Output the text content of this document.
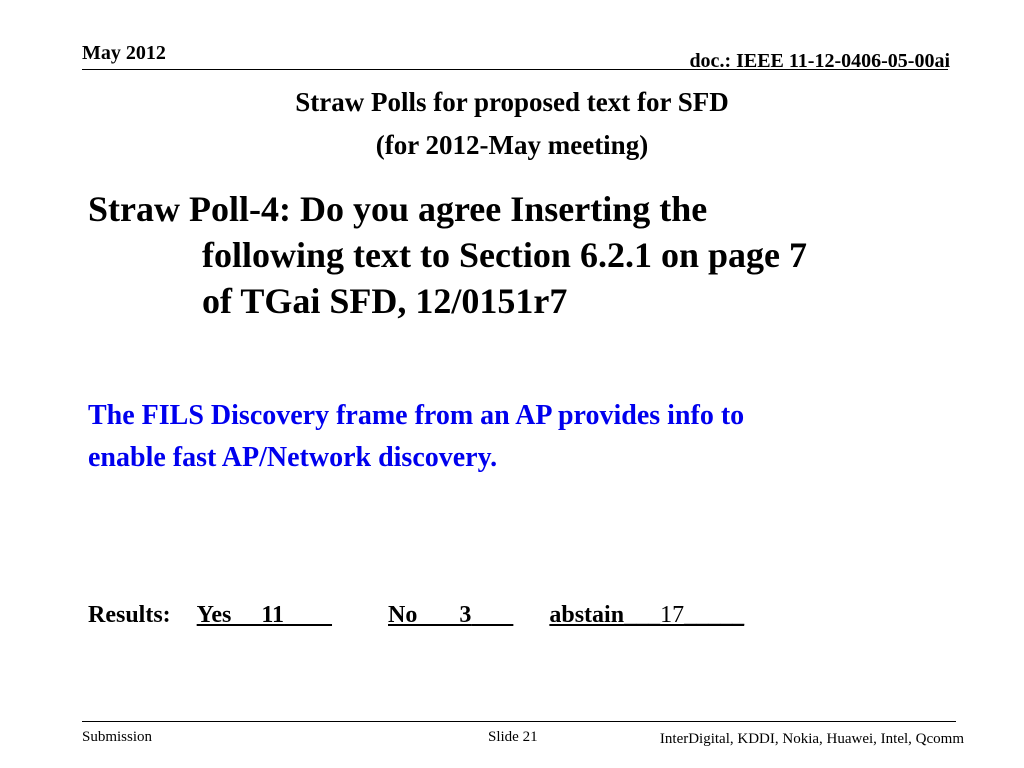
May 2012	doc.: IEEE 11-12-0406-05-00ai
Straw Polls for proposed text for SFD
(for 2012-May meeting)
Straw Poll-4: Do you agree Inserting the
following text to Section 6.2.1 on page 7
of TGai SFD, 12/0151r7
The FILS Discovery frame from an AP provides info to
enable fast AP/Network discovery.
Results: Yes     11	No       3	abstain___17_____
Submission	Slide 21	InterDigital, KDDI, Nokia, Huawei, Intel, Qcomm
